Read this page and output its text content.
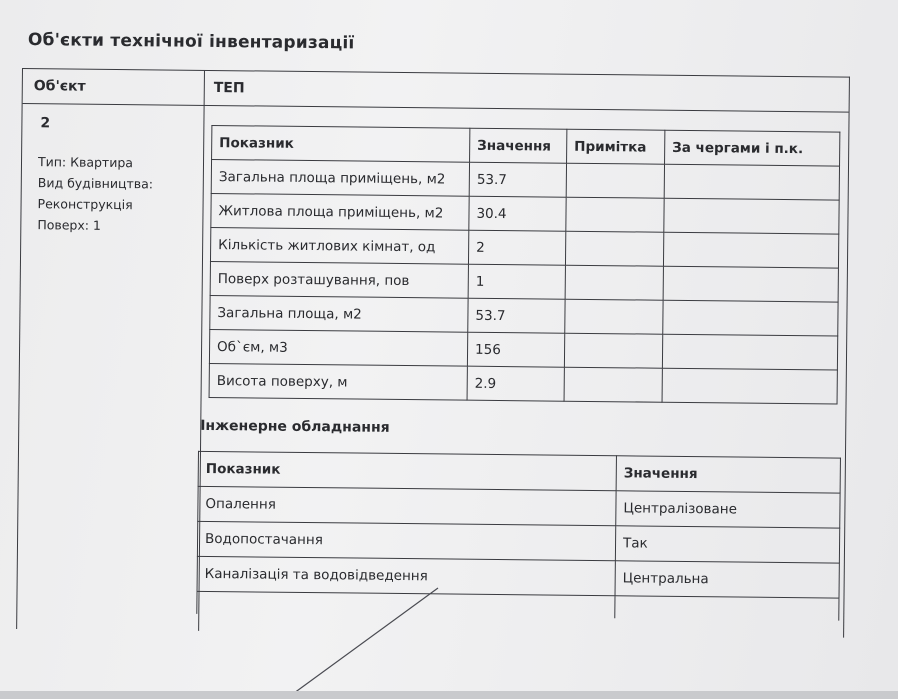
Об'єкти технічної інвентаризації
Об'єкт	ТЕП
2
Тип: Квартира
Вид будівництва:
Реконструкція
Поверх: 1
Показник	Значення	Примітка	За чергами і п.к.
Загальна площа приміщень, м2	53.7		
Житлова площа приміщень, м2	30.4		
Кількість житлових кімнат, од	2		
Поверх розташування, пов	1		
Загальна площа, м2	53.7		
Об`єм, м3	156		
Висота поверху, м	2.9		
Інженерне обладнання
Показник	Значення
Опалення	Централізоване
Водопостачання	Так
Каналізація та водовідведення	Центральна
